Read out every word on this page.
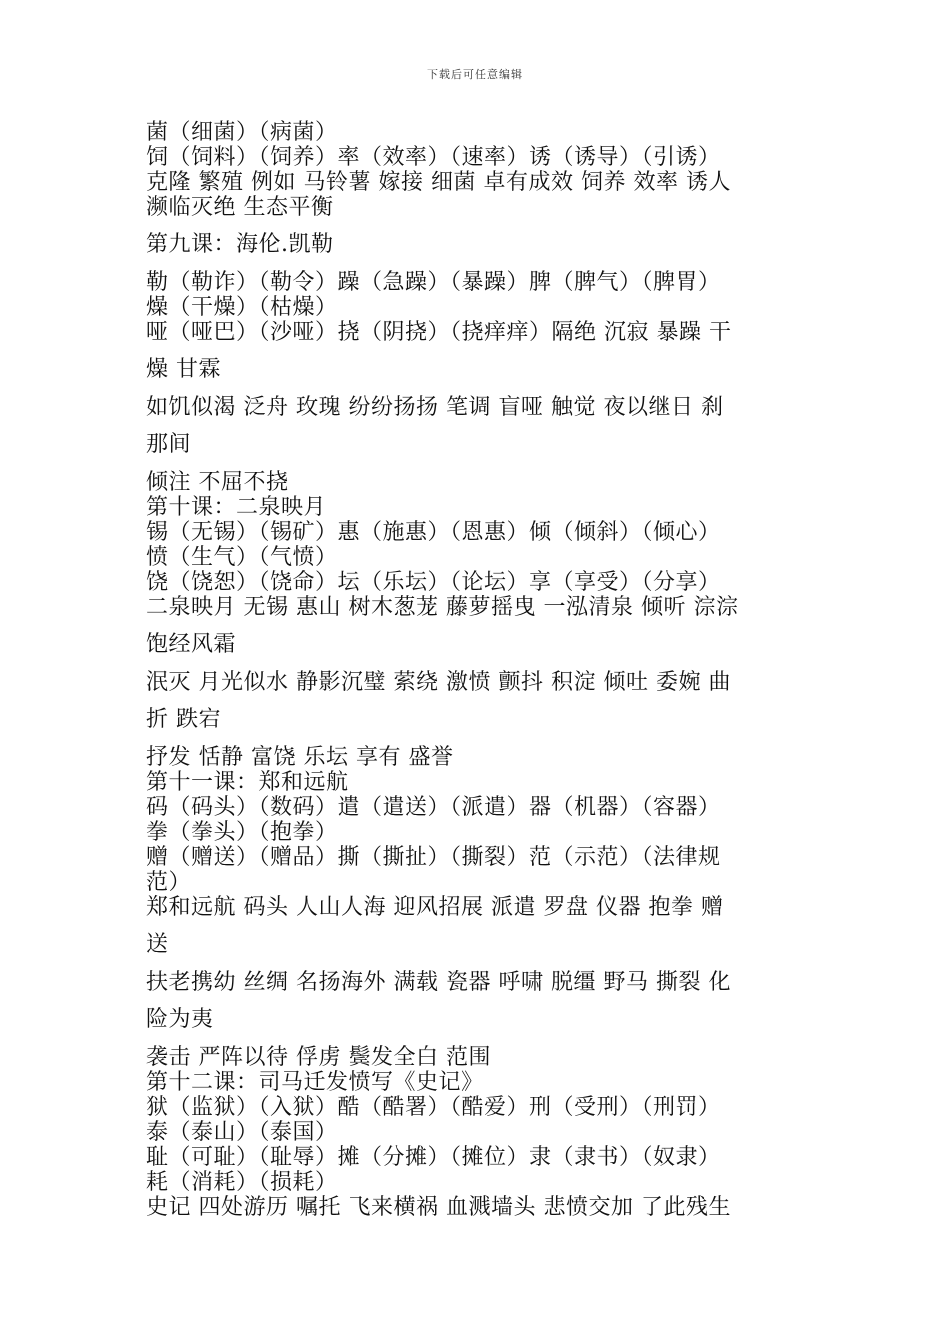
下载后可任意编辑
菌（细菌）（病菌）
饲（饲料）（饲养）率（效率）（速率）诱（诱导）（引诱）
克隆 繁殖 例如 马铃薯 嫁接 细菌 卓有成效 饲养 效率 诱人
濒临灭绝 生态平衡
第九课：海伦.凯勒
勒（勒诈）（勒令）躁（急躁）（暴躁）脾（脾气）（脾胃）
燥（干燥）（枯燥）
哑（哑巴）（沙哑）挠（阴挠）（挠痒痒）隔绝 沉寂 暴躁 干
燥 甘霖
如饥似渴 泛舟 玫瑰 纷纷扬扬 笔调 盲哑 触觉 夜以继日 刹
那间
倾注 不屈不挠
第十课：二泉映月
锡（无锡）（锡矿）惠（施惠）（恩惠）倾（倾斜）（倾心）
愤（生气）（气愤）
饶（饶恕）（饶命）坛（乐坛）（论坛）享（享受）（分享）
二泉映月 无锡 惠山 树木葱茏 藤萝摇曳 一泓清泉 倾听 淙淙
饱经风霜
泯灭 月光似水 静影沉璧 萦绕 激愤 颤抖 积淀 倾吐 委婉 曲
折 跌宕
抒发 恬静 富饶 乐坛 享有 盛誉
第十一课：郑和远航
码（码头）（数码）遣（遣送）（派遣）器（机器）（容器）
拳（拳头）（抱拳）
赠（赠送）（赠品）撕（撕扯）（撕裂）范（示范）（法律规
范）
郑和远航 码头 人山人海 迎风招展 派遣 罗盘 仪器 抱拳 赠
送
扶老携幼 丝绸 名扬海外 满载 瓷器 呼啸 脱缰 野马 撕裂 化
险为夷
袭击 严阵以待 俘虏 鬓发全白 范围
第十二课：司马迁发愤写《史记》
狱（监狱）（入狱）酷（酷署）（酷爱）刑（受刑）（刑罚）
泰（泰山）（泰国）
耻（可耻）（耻辱）摊（分摊）（摊位）隶（隶书）（奴隶）
耗（消耗）（损耗）
史记 四处游历 嘱托 飞来横祸 血溅墙头 悲愤交加 了此残生
